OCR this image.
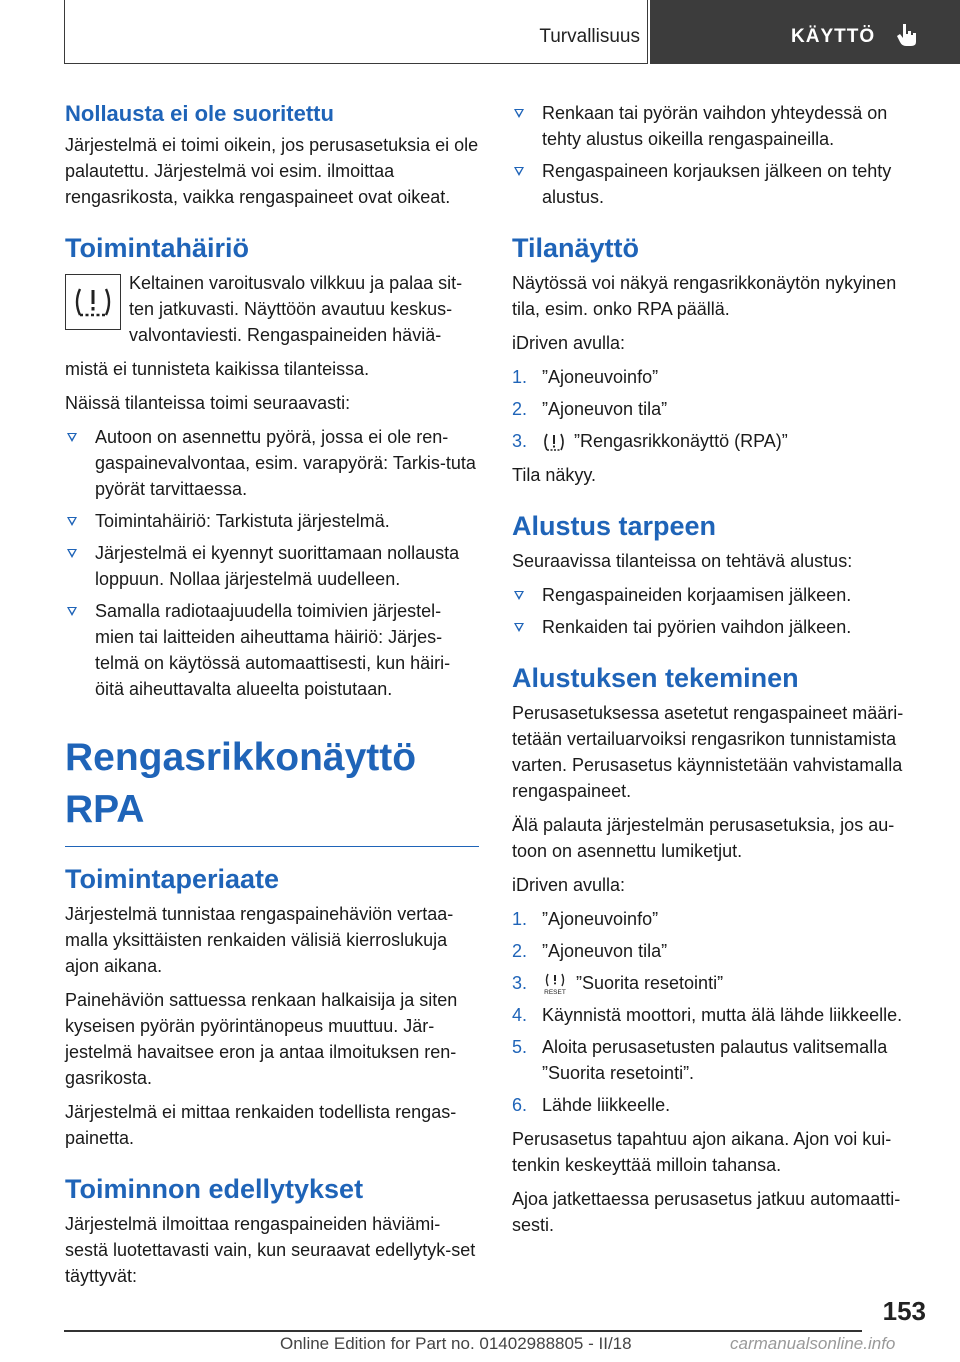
Turvallisuus	KÄYTTÖ
Nollausta ei ole suoritettu

Järjestelmä ei toimi oikein, jos perusasetuksia ei ole palautettu. Järjestelmä voi esim. ilmoittaa rengasrikosta, vaikka rengaspaineet ovat oikeat.

Toimintahäiriö
Keltainen varoitusvalo vilkkuu ja palaa sit-ten jatkuvasti. Näyttöön avautuu keskus-valvontaviesti. Rengaspaineiden häviä-
mistä ei tunnisteta kaikissa tilanteissa.

Näissä tilanteissa toimi seuraavasti:

Autoon on asennettu pyörä, jossa ei ole ren-gaspainevalvontaa, esim. varapyörä: Tarkis-tuta pyörät tarvittaessa.
Toimintahäiriö: Tarkistuta järjestelmä.
Järjestelmä ei kyennyt suorittamaan nollausta loppuun. Nollaa järjestelmä uudelleen.
Samalla radiotaajuudella toimivien järjestel-mien tai laitteiden aiheuttama häiriö: Järjes-telmä on käytössä automaattisesti, kun häiri-öitä aiheuttavalta alueelta poistutaan.
Rengasrikkonäyttö RPA
Toimintaperiaate

Järjestelmä tunnistaa rengaspainehäviön vertaa-malla yksittäisten renkaiden välisiä kierroslukuja ajon aikana.

Painehäviön sattuessa renkaan halkaisija ja siten kyseisen pyörän pyörintänopeus muuttuu. Jär-jestelmä havaitsee eron ja antaa ilmoituksen ren-gasrikosta.

Järjestelmä ei mittaa renkaiden todellista rengas-painetta.

Toiminnon edellytykset

Järjestelmä ilmoittaa rengaspaineiden häviämi-sestä luotettavasti vain, kun seuraavat edellytyk-set täyttyvät:

Renkaan tai pyörän vaihdon yhteydessä on tehty alustus oikeilla rengaspaineilla.
Rengaspaineen korjauksen jälkeen on tehty alustus.
Tilanäyttö

Näytössä voi näkyä rengasrikkonäytön nykyinen tila, esim. onko RPA päällä.

iDriven avulla:

1. ”Ajoneuvoinfo”
2. ”Ajoneuvon tila”
3.	”Rengasrikkonäyttö (RPA)”

Tila näkyy.

Alustus tarpeen

Seuraavissa tilanteissa on tehtävä alustus:

Rengaspaineiden korjaamisen jälkeen.
Renkaiden tai pyörien vaihdon jälkeen.
Alustuksen tekeminen

Perusasetuksessa asetetut rengaspaineet määri-tetään vertailuarvoiksi rengasrikon tunnistamista varten. Perusasetus käynnistetään vahvistamalla rengaspaineet.

Älä palauta järjestelmän perusasetuksia, jos au-toon on asennettu lumiketjut.

iDriven avulla:

1. ”Ajoneuvoinfo”
2. ”Ajoneuvon tila”
3.	RESET ”Suorita resetointi”
4. Käynnistä moottori, mutta älä lähde liikkeelle.
5. Aloita perusasetusten palautus valitsemalla ”Suorita resetointi”.
6. Lähde liikkeelle.

Perusasetus tapahtuu ajon aikana. Ajon voi kui-tenkin keskeyttää milloin tahansa.

Ajoa jatkettaessa perusasetus jatkuu automaatti-sesti.

153
Online Edition for Part no. 01402988805 - II/18	carmanualsonline.info
